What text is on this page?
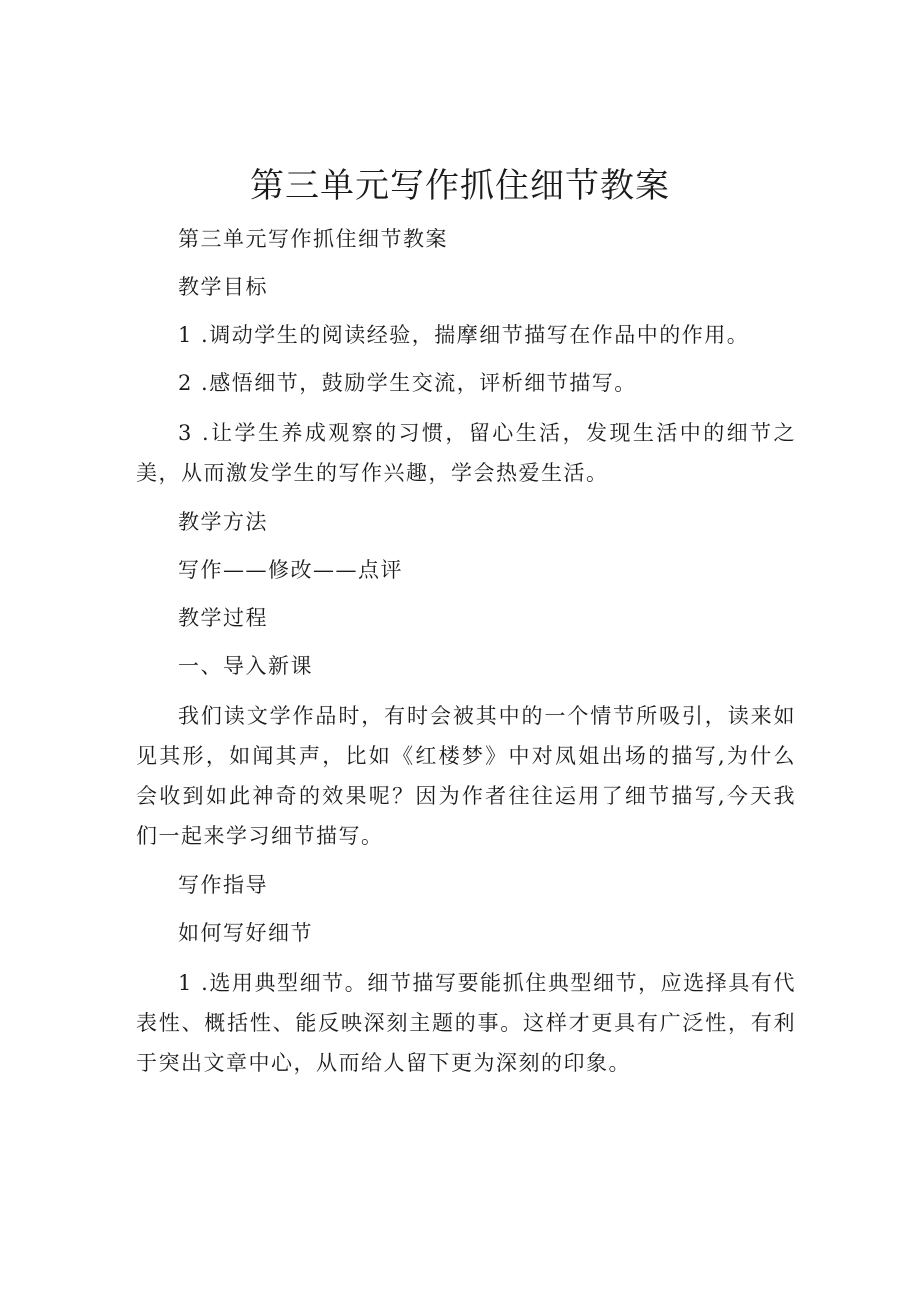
第三单元写作抓住细节教案

第三单元写作抓住细节教案

教学目标

1 .调动学生的阅读经验，揣摩细节描写在作品中的作用。

2 .感悟细节，鼓励学生交流，评析细节描写。

3 .让学生养成观察的习惯，留心生活，发现生活中的细节之美，从而激发学生的写作兴趣，学会热爱生活。

教学方法

写作——修改——点评

教学过程

一、导入新课

我们读文学作品时，有时会被其中的一个情节所吸引，读来如见其形，如闻其声，比如《红楼梦》中对凤姐出场的描写,为什么会收到如此神奇的效果呢？因为作者往往运用了细节描写,今天我们一起来学习细节描写。

写作指导

如何写好细节

1 .选用典型细节。细节描写要能抓住典型细节，应选择具有代表性、概括性、能反映深刻主题的事。这样才更具有广泛性，有利于突出文章中心，从而给人留下更为深刻的印象。
